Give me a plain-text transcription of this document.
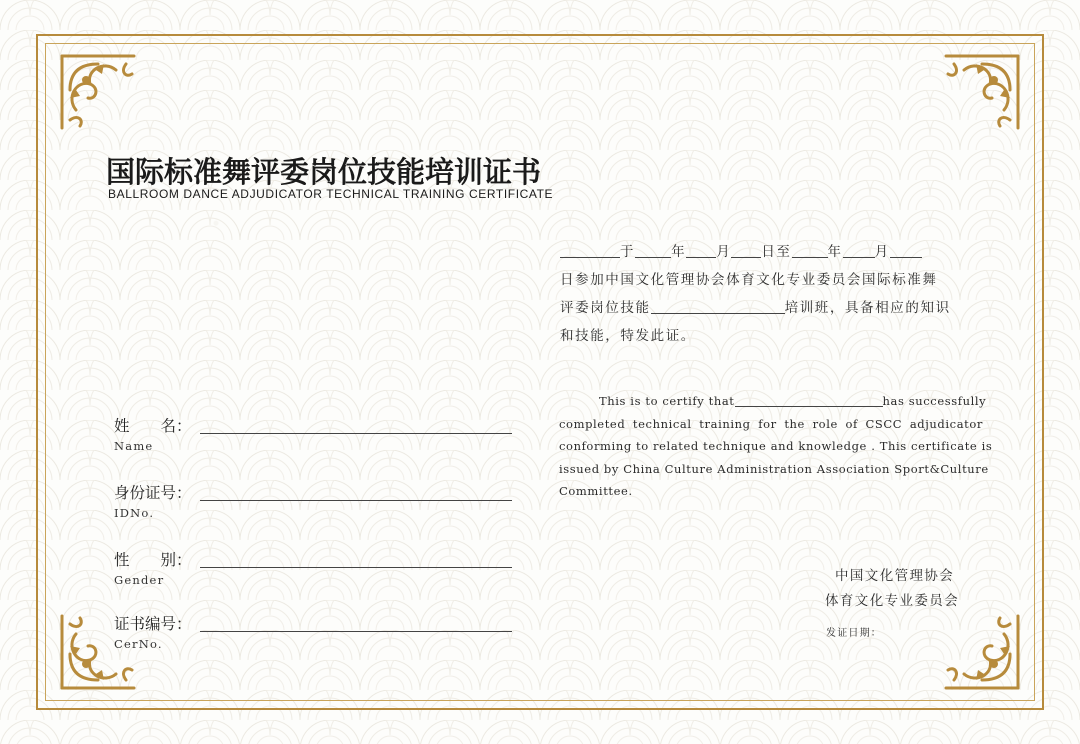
国际标准舞评委岗位技能培训证书
BALLROOM DANCE ADJUDICATOR TECHNICAL TRAINING CERTIFICATE
姓　　名：
Name
身份证号：
IDNo.
性　　别：
Gender
证书编号：
CerNo.
于	年 月 日至	年 月
日参加中国文化管理协会体育文化专业委员会国际标准舞
评委岗位技能	培训班，具备相应的知识
和技能，特发此证。
This is to certify that	has successfully
completed technical training for the role of CSCC adjudicator
conforming to related technique and knowledge . This certificate is
issued by China Culture Administration Association Sport&Culture
Committee.
中国文化管理协会
体育文化专业委员会
发证日期：
